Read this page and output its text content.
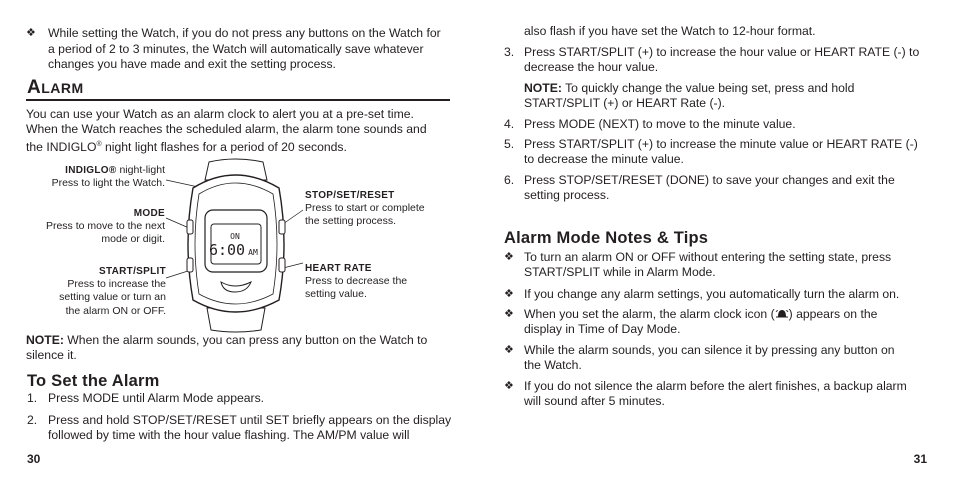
❖ While setting the Watch, if you do not press any buttons on the Watch for a period of 2 to 3 minutes, the Watch will automatically save whatever changes you have made and exit the setting process.

ALARM

You can use your Watch as an alarm clock to alert you at a pre-set time.

When the Watch reaches the scheduled alarm, the alarm tone sounds and

the INDIGLO® night light flashes for a period of 20 seconds.

INDIGLO® night-light
Press to light the Watch.
MODE
Press to move to the next
mode or digit.
START/SPLIT
Press to increase the
setting value or turn an
the alarm ON or OFF.
STOP/SET/RESET
Press to start or complete
the setting process.
HEART RATE
Press to decrease the
setting value.
ON
6:00 AM

NOTE: When the alarm sounds, you can press any button on the Watch to

silence it.

To Set the Alarm
1. Press MODE until Alarm Mode appears.

2. Press and hold STOP/SET/RESET until SET briefly appears on the display

followed by time with the hour value flashing. The AM/PM value will

30

also flash if you have set the Watch to 12-hour format.

3. Press START/SPLIT (+) to increase the hour value or HEART RATE (-) to

decrease the hour value.

NOTE: To quickly change the value being set, press and hold

START/SPLIT (+) or HEART Rate (-).

4. Press MODE (NEXT) to move to the minute value.

5. Press START/SPLIT (+) to increase the minute value or HEART RATE (-)

to decrease the minute value.

6. Press STOP/SET/RESET (DONE) to save your changes and exit the

setting process.

Alarm Mode Notes & Tips
❖ To turn an alarm ON or OFF without entering the setting state, press

START/SPLIT while in Alarm Mode.

❖ If you change any alarm settings, you automatically turn the alarm on.

❖ When you set the alarm, the alarm clock icon ( ) appears on the

display in Time of Day Mode.

❖ While the alarm sounds, you can silence it by pressing any button on

the Watch.

❖ If you do not silence the alarm before the alert finishes, a backup alarm

will sound after 5 minutes.

31
